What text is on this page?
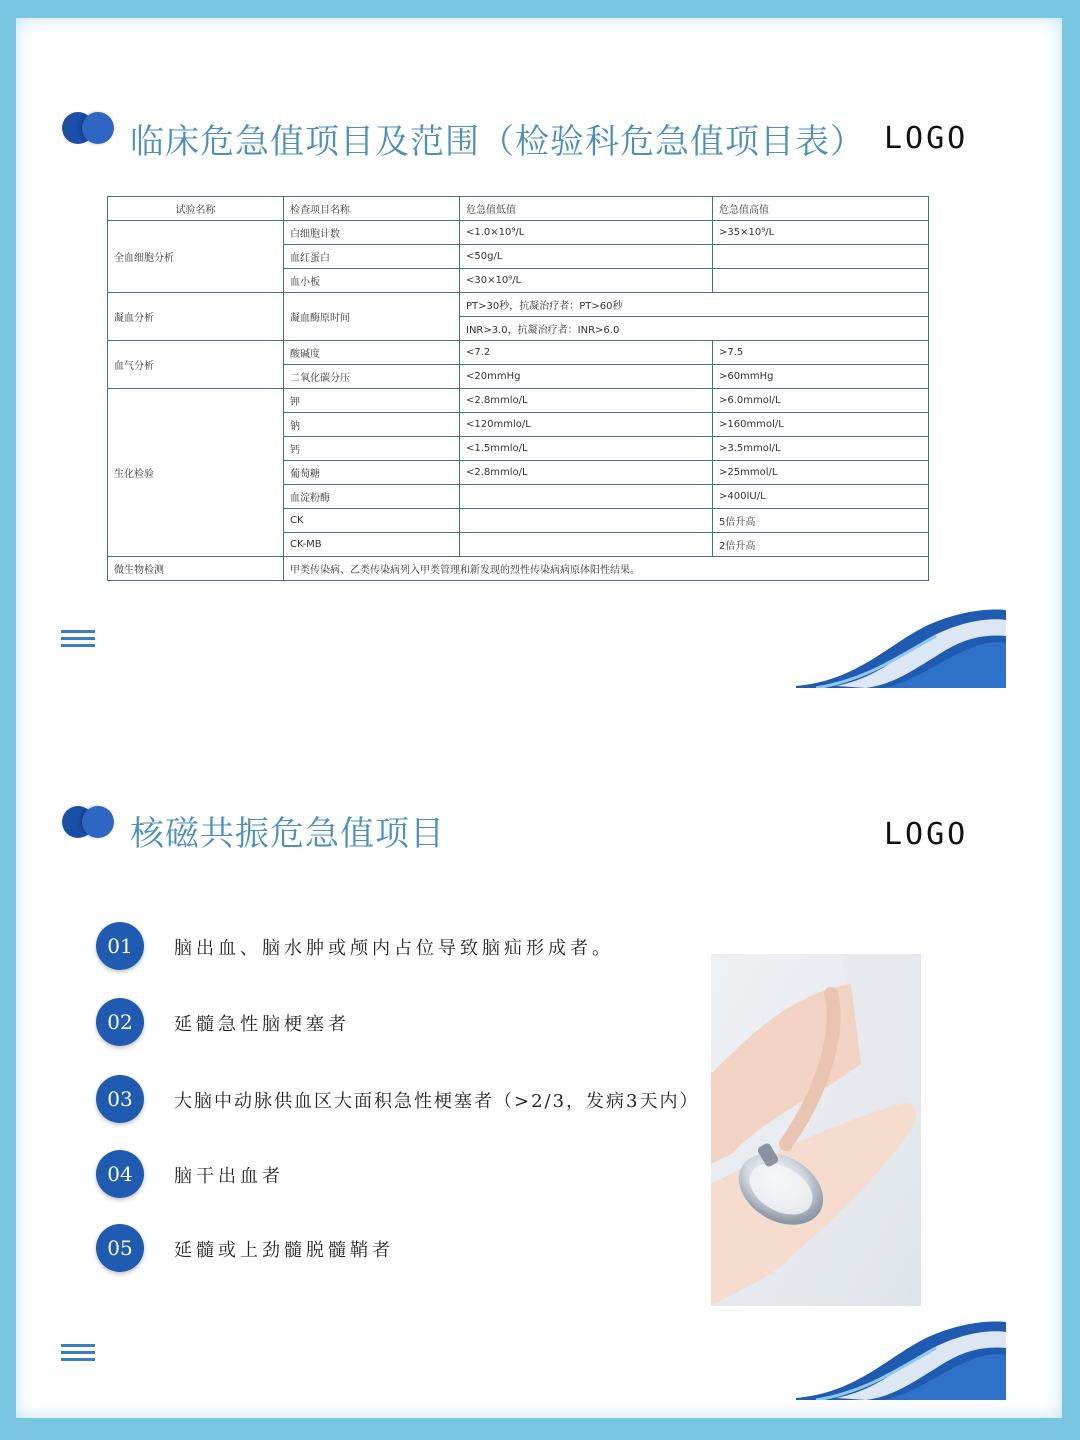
临床危急值项目及范围（检验科危急值项目表） LOGO
试验名称	检查项目名称	危急值低值	危急值高值
全血细胞分析	白细胞计数	<1.0×10⁹/L	>35×10⁹/L
	血红蛋白	<50g/L	
	血小板	<30×10⁹/L	
凝血分析	凝血酶原时间	PT>30秒，抗凝治疗者：PT>60秒	
		INR>3.0，抗凝治疗者：INR>6.0	
血气分析	酸碱度	<7.2	>7.5
	二氧化碳分压	<20mmHg	>60mmHg
生化检验	钾	<2.8mmlo/L	>6.0mmol/L
	钠	<120mmlo/L	>160mmol/L
	钙	<1.5mmlo/L	>3.5mmol/L
	葡萄糖	<2.8mmlo/L	>25mmol/L
	血淀粉酶		>400IU/L
	CK		5倍升高
	CK-MB		2倍升高
微生物检测	甲类传染病、乙类传染病列入甲类管理和新发现的烈性传染病病原体阳性结果。		
核磁共振危急值项目	LOGO
01	脑出血、脑水肿或颅内占位导致脑疝形成者。
02	延髓急性脑梗塞者
03	大脑中动脉供血区大面积急性梗塞者（>2/3，发病3天内）
04	脑干出血者
05	延髓或上劲髓脱髓鞘者
